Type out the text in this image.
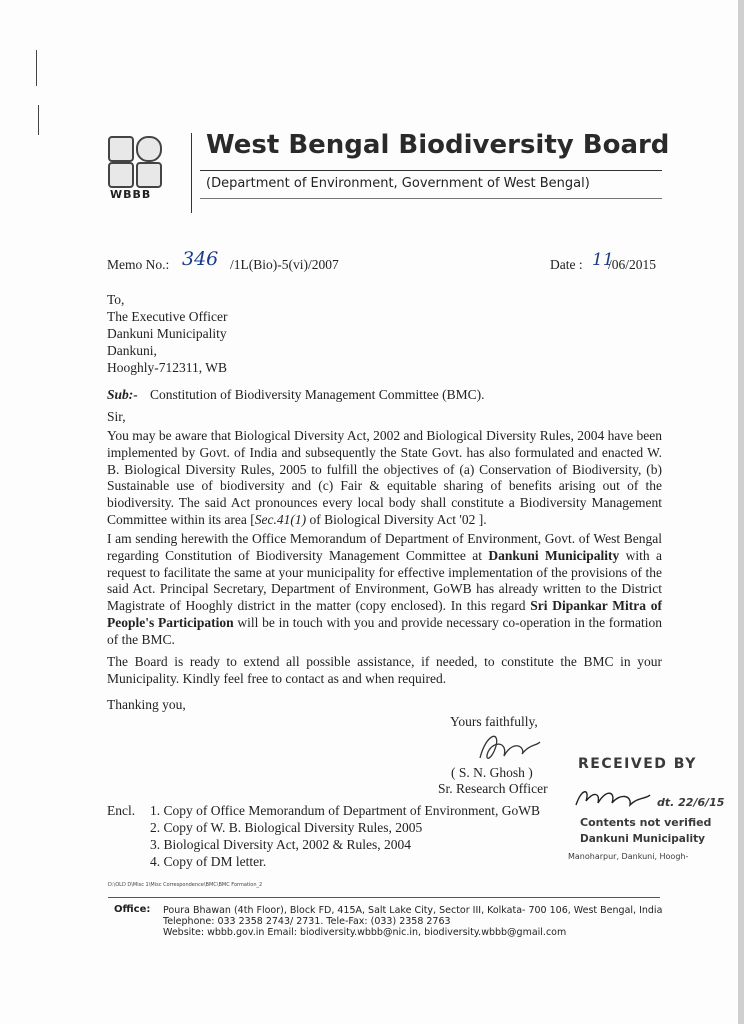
WBBB
West Bengal Biodiversity Board
(Department of Environment, Government of West Bengal)
Memo No.: 346 /1L(Bio)-5(vi)/2007	Date : 11
/06/2015
To,
The Executive Officer
Dankuni Municipality
Dankuni,
Hooghly-712311, WB
Sub:- Constitution of Biodiversity Management Committee (BMC).
Sir,
You may be aware that Biological Diversity Act, 2002 and Biological Diversity Rules, 2004 have been implemented by Govt. of India and subsequently the State Govt. has also formulated and enacted W. B. Biological Diversity Rules, 2005 to fulfill the objectives of (a) Conservation of Biodiversity, (b) Sustainable use of biodiversity and (c) Fair & equitable sharing of benefits arising out of the biodiversity. The said Act pronounces every local body shall constitute a Biodiversity Management Committee within its area [Sec.41(1) of Biological Diversity Act '02 ].
I am sending herewith the Office Memorandum of Department of Environment, Govt. of West Bengal regarding Constitution of Biodiversity Management Committee at Dankuni Municipality with a request to facilitate the same at your municipality for effective implementation of the provisions of the said Act. Principal Secretary, Department of Environment, GoWB has already written to the District Magistrate of Hooghly district in the matter (copy enclosed). In this regard Sri Dipankar Mitra of People's Participation will be in touch with you and provide necessary co-operation in the formation of the BMC.
The Board is ready to extend all possible assistance, if needed, to constitute the BMC in your Municipality. Kindly feel free to contact as and when required.
Thanking you,
Yours faithfully,
( S. N. Ghosh )
Sr. Research Officer
Encl. 1. Copy of Office Memorandum of Department of Environment, GoWB
2. Copy of W. B. Biological Diversity Rules, 2005
3. Biological Diversity Act, 2002 & Rules, 2004
4. Copy of DM letter.
D:\OLD D\Misc 1\Misc Correspondence\BMC\BMC Formation_2
RECEIVED BY
dt. 22/6/15
Contents not verified
Dankuni Municipality
Manoharpur, Dankuni, Hoogh-
Office: Poura Bhawan (4th Floor), Block FD, 415A, Salt Lake City, Sector III, Kolkata- 700 106, West Bengal, India
Telephone: 033 2358 2743/ 2731. Tele-Fax: (033) 2358 2763
Website: wbbb.gov.in Email: biodiversity.wbbb@nic.in, biodiversity.wbbb@gmail.com
